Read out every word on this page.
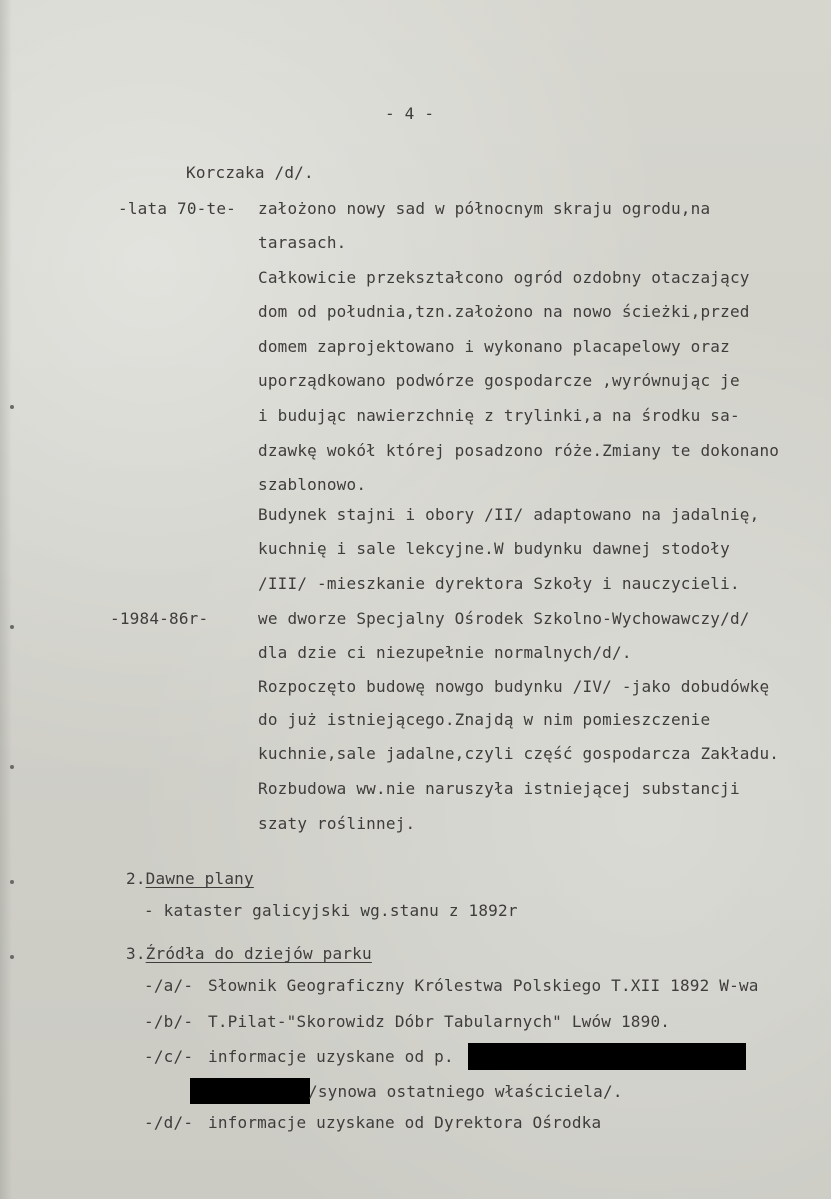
- 4 -
Korczaka /d/.
-lata 70-te- założono nowy sad w północnym skraju ogrodu,na
tarasach.
Całkowicie przekształcono ogród ozdobny otaczający
dom od południa,tzn.założono na nowo ścieżki,przed
domem zaprojektowano i wykonano placapelowy oraz
uporządkowano podwórze gospodarcze ,wyrównując je
i budując nawierzchnię z trylinki,a na środku sa-
dzawkę wokół której posadzono róże.Zmiany te dokonano
szablonowo.
Budynek stajni i obory /II/ adaptowano na jadalnię,
kuchnię i sale lekcyjne.W budynku dawnej stodoły
/III/ -mieszkanie dyrektora Szkoły i nauczycieli.
-1984-86r-	we dworze Specjalny Ośrodek Szkolno-Wychowawczy/d/
dla dzie ci niezupełnie normalnych/d/.
Rozpoczęto budowę nowgo budynku /IV/ -jako dobudówkę
do już istniejącego.Znajdą w nim pomieszczenie
kuchnie,sale jadalne,czyli część gospodarcza Zakładu.
Rozbudowa ww.nie naruszyła istniejącej substancji
szaty roślinnej.
2.Dawne plany
- kataster galicyjski wg.stanu z 1892r
3.Źródła do dziejów parku
-/a/- Słownik Geograficzny Królestwa Polskiego T.XII 1892 W-wa
-/b/- T.Pilat-"Skorowidz Dóbr Tabularnych" Lwów 1890.
-/c/- informacje uzyskane od p.
/synowa ostatniego właściciela/.
-/d/- informacje uzyskane od Dyrektora Ośrodka
